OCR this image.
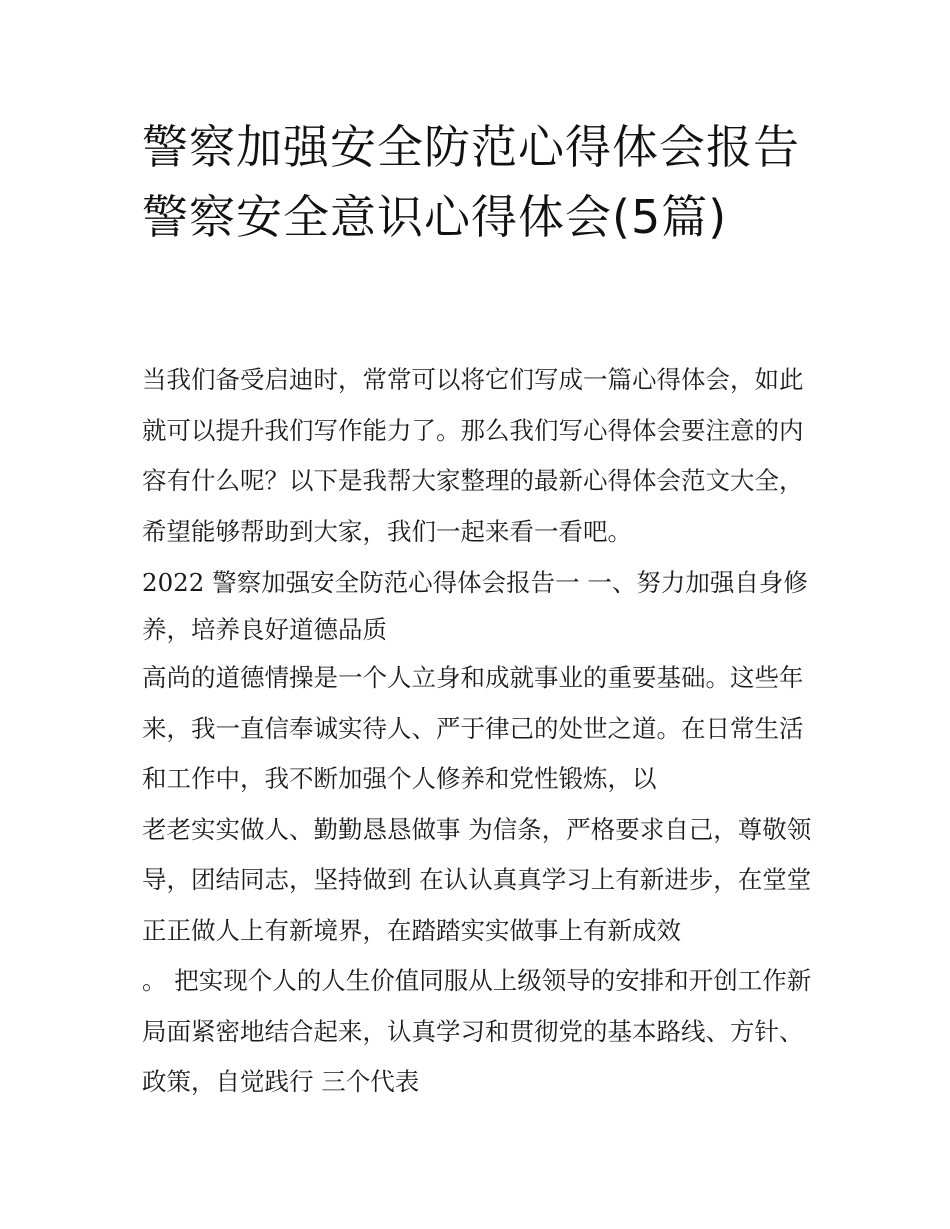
警察加强安全防范心得体会报告 警察安全意识心得体会(5篇)

当我们备受启迪时，常常可以将它们写成一篇心得体会，如此就可以提升我们写作能力了。那么我们写心得体会要注意的内容有什么呢？以下是我帮大家整理的最新心得体会范文大全，希望能够帮助到大家，我们一起来看一看吧。

2022 警察加强安全防范心得体会报告一 一、努力加强自身修养，培养良好道德品质

高尚的道德情操是一个人立身和成就事业的重要基础。这些年来，我一直信奉诚实待人、严于律己的处世之道。在日常生活和工作中，我不断加强个人修养和党性锻炼，以

老老实实做人、勤勤恳恳做事 为信条，严格要求自己，尊敬领导，团结同志，坚持做到 在认认真真学习上有新进步，在堂堂正正做人上有新境界，在踏踏实实做事上有新成效

。 把实现个人的人生价值同服从上级领导的安排和开创工作新局面紧密地结合起来，认真学习和贯彻党的基本路线、方针、政策，自觉践行 三个代表
